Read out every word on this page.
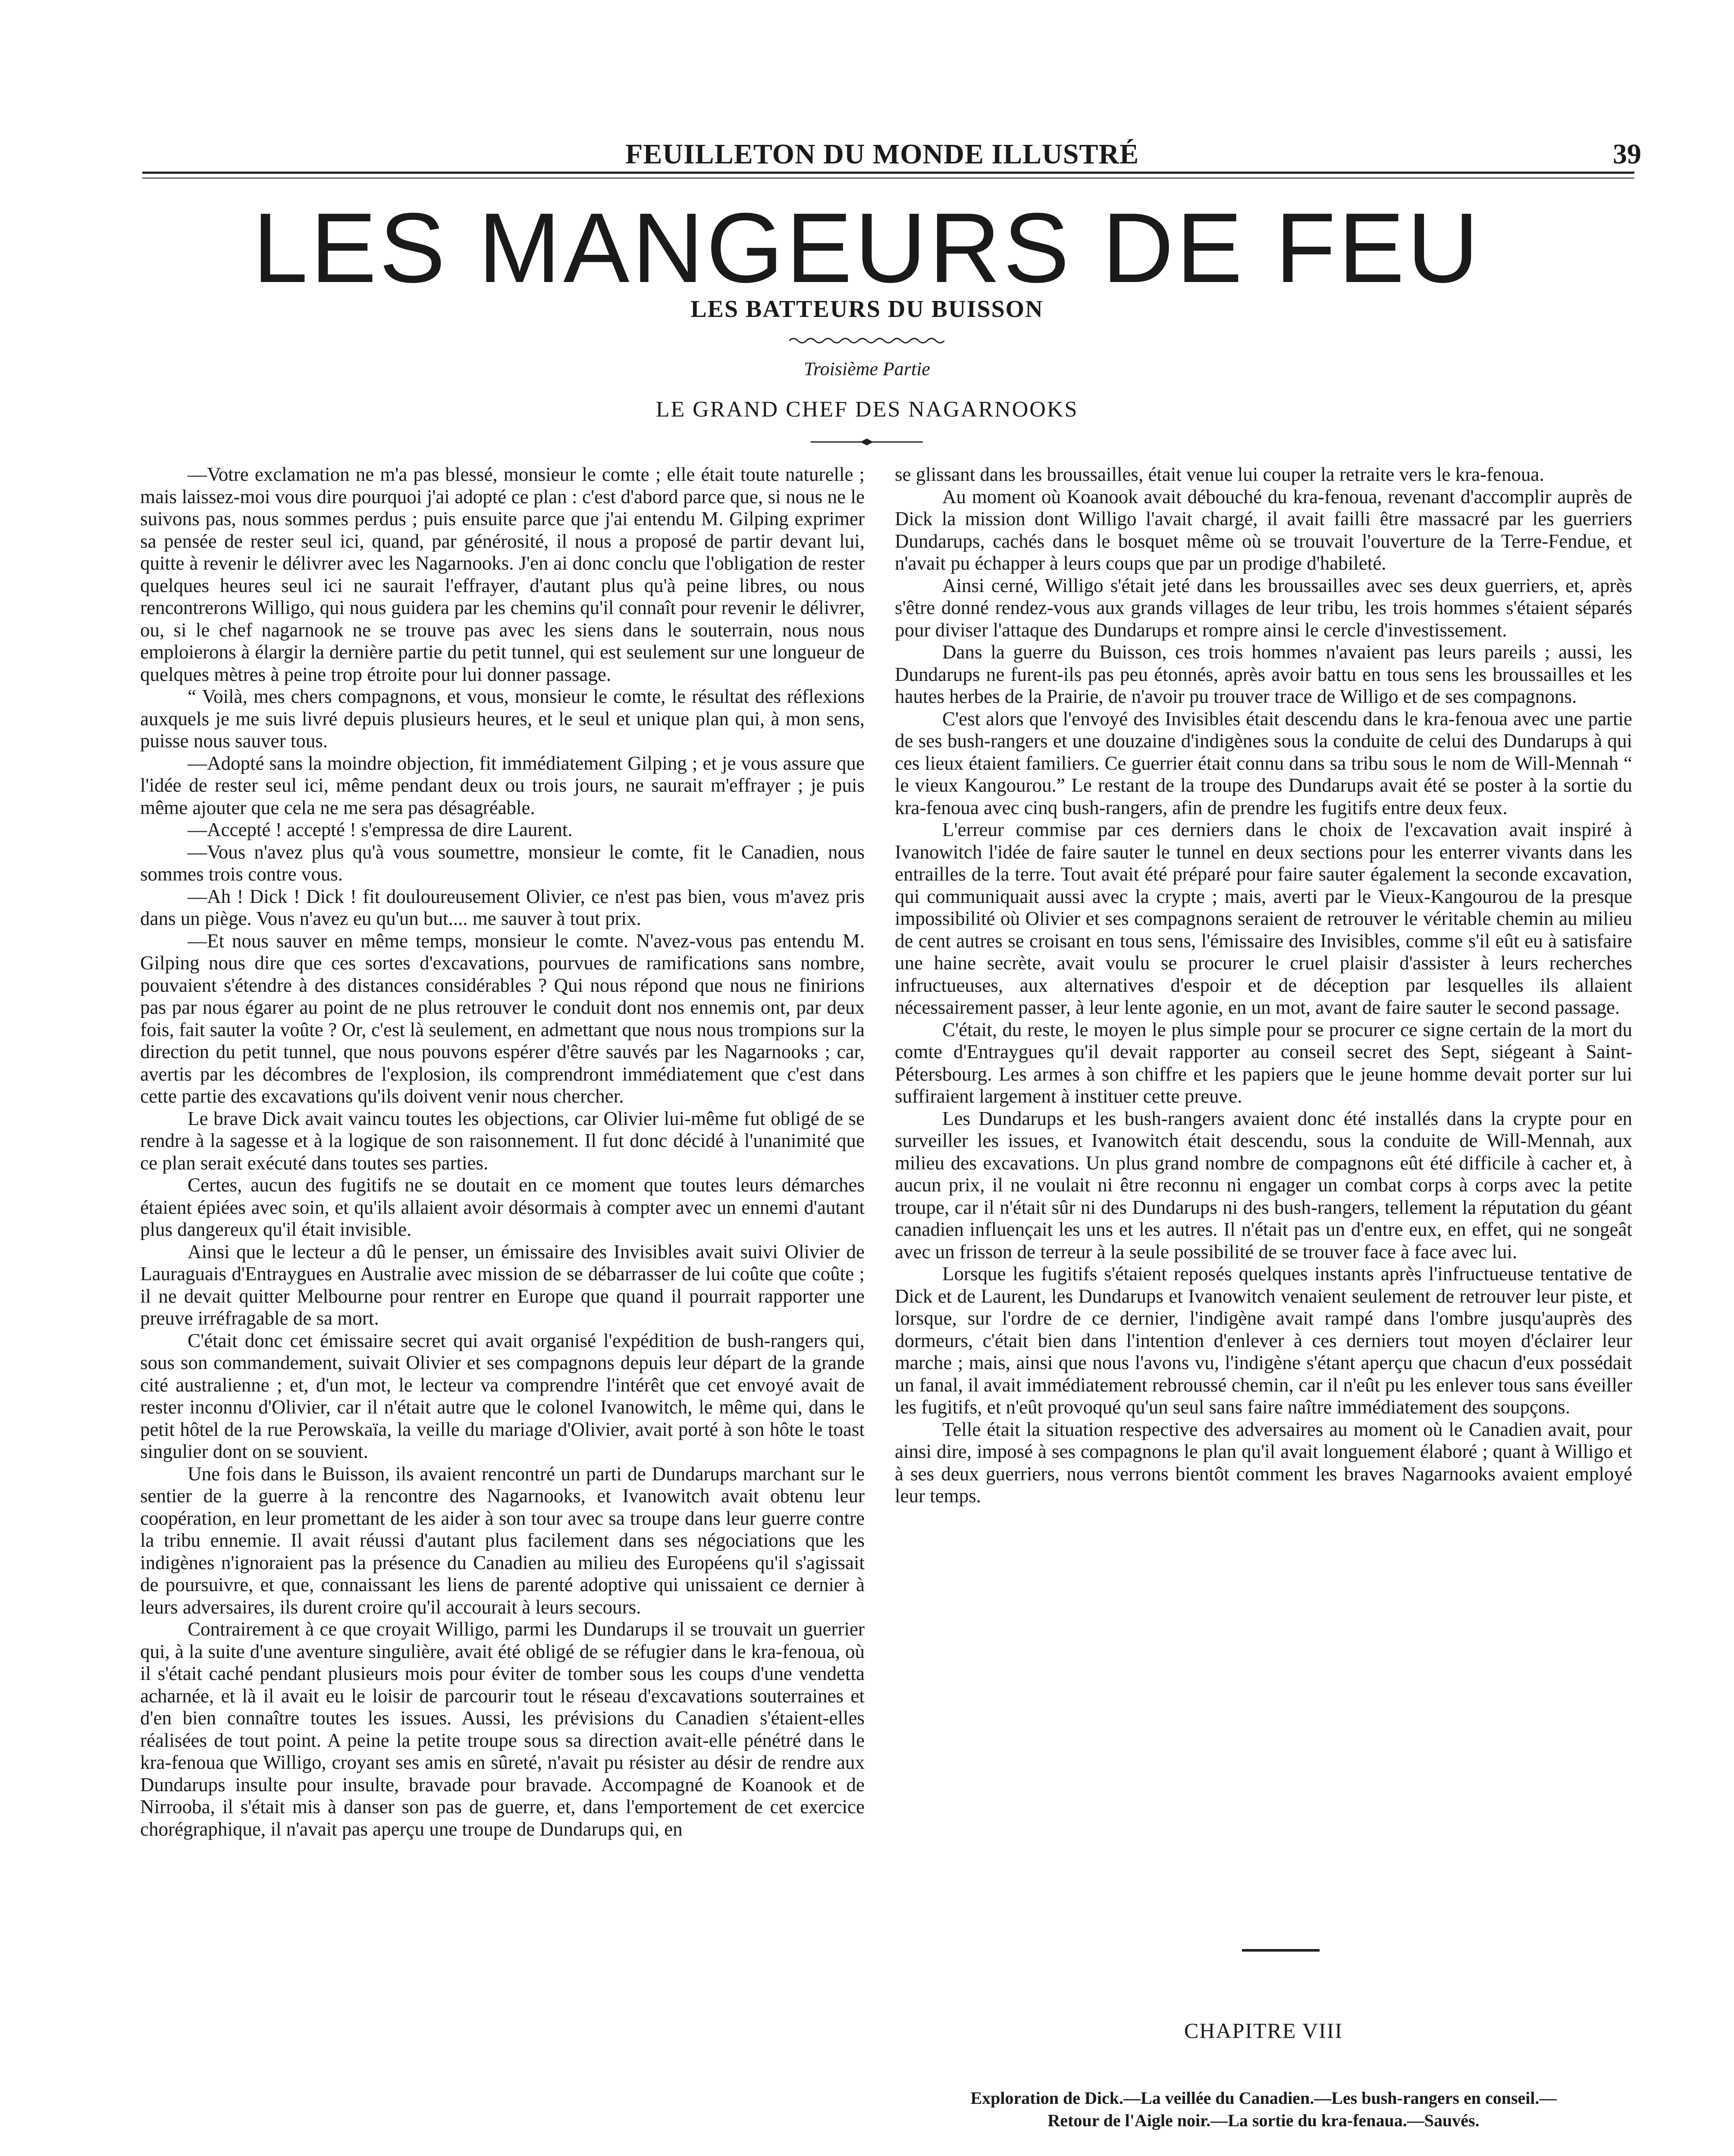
FEUILLETON DU MONDE ILLUSTRÉ	39
LES MANGEURS DE FEU
LES BATTEURS DU BUISSON
Troisième Partie
LE GRAND CHEF DES NAGARNOOKS

—Votre exclamation ne m'a pas blessé, monsieur le comte ; elle était toute naturelle ; mais laissez-moi vous dire pourquoi j'ai adopté ce plan : c'est d'abord parce que, si nous ne le suivons pas, nous sommes perdus ; puis ensuite parce que j'ai entendu M. Gilping exprimer sa pensée de rester seul ici, quand, par générosité, il nous a proposé de partir devant lui, quitte à revenir le délivrer avec les Nagarnooks. J'en ai donc conclu que l'obligation de rester quelques heures seul ici ne saurait l'effrayer, d'autant plus qu'à peine libres, ou nous rencontrerons Willigo, qui nous guidera par les chemins qu'il connaît pour revenir le délivrer, ou, si le chef nagarnook ne se trouve pas avec les siens dans le souterrain, nous nous emploierons à élargir la dernière partie du petit tunnel, qui est seulement sur une longueur de quelques mètres à peine trop étroite pour lui donner passage.

“ Voilà, mes chers compagnons, et vous, monsieur le comte, le résultat des réflexions auxquels je me suis livré depuis plusieurs heures, et le seul et unique plan qui, à mon sens, puisse nous sauver tous.

—Adopté sans la moindre objection, fit immédiatement Gilping ; et je vous assure que l'idée de rester seul ici, même pendant deux ou trois jours, ne saurait m'effrayer ; je puis même ajouter que cela ne me sera pas désagréable.

—Accepté ! accepté ! s'empressa de dire Laurent.

—Vous n'avez plus qu'à vous soumettre, monsieur le comte, fit le Canadien, nous sommes trois contre vous.

—Ah ! Dick ! Dick ! fit douloureusement Olivier, ce n'est pas bien, vous m'avez pris dans un piège. Vous n'avez eu qu'un but.... me sauver à tout prix.

—Et nous sauver en même temps, monsieur le comte. N'avez-vous pas entendu M. Gilping nous dire que ces sortes d'excavations, pourvues de ramifications sans nombre, pouvaient s'étendre à des distances considérables ? Qui nous répond que nous ne finirions pas par nous égarer au point de ne plus retrouver le conduit dont nos ennemis ont, par deux fois, fait sauter la voûte ? Or, c'est là seulement, en admettant que nous nous trompions sur la direction du petit tunnel, que nous pouvons espérer d'être sauvés par les Nagarnooks ; car, avertis par les décombres de l'explosion, ils comprendront immédiatement que c'est dans cette partie des excavations qu'ils doivent venir nous chercher.

Le brave Dick avait vaincu toutes les objections, car Olivier lui-même fut obligé de se rendre à la sagesse et à la logique de son raisonnement. Il fut donc décidé à l'unanimité que ce plan serait exécuté dans toutes ses parties.

Certes, aucun des fugitifs ne se doutait en ce moment que toutes leurs démarches étaient épiées avec soin, et qu'ils allaient avoir désormais à compter avec un ennemi d'autant plus dangereux qu'il était invisible.

Ainsi que le lecteur a dû le penser, un émissaire des Invisibles avait suivi Olivier de Lauraguais d'Entraygues en Australie avec mission de se débarrasser de lui coûte que coûte ; il ne devait quitter Melbourne pour rentrer en Europe que quand il pourrait rapporter une preuve irréfragable de sa mort.

C'était donc cet émissaire secret qui avait organisé l'expédition de bush-rangers qui, sous son commandement, suivait Olivier et ses compagnons depuis leur départ de la grande cité australienne ; et, d'un mot, le lecteur va comprendre l'intérêt que cet envoyé avait de rester inconnu d'Olivier, car il n'était autre que le colonel Ivanowitch, le même qui, dans le petit hôtel de la rue Perowskaïa, la veille du mariage d'Olivier, avait porté à son hôte le toast singulier dont on se souvient.

Une fois dans le Buisson, ils avaient rencontré un parti de Dundarups marchant sur le sentier de la guerre à la rencontre des Nagarnooks, et Ivanowitch avait obtenu leur coopération, en leur promettant de les aider à son tour avec sa troupe dans leur guerre contre la tribu ennemie. Il avait réussi d'autant plus facilement dans ses négociations que les indigènes n'ignoraient pas la présence du Canadien au milieu des Européens qu'il s'agissait de poursuivre, et que, connaissant les liens de parenté adoptive qui unissaient ce dernier à leurs adversaires, ils durent croire qu'il accourait à leurs secours.

Contrairement à ce que croyait Willigo, parmi les Dundarups il se trouvait un guerrier qui, à la suite d'une aventure singulière, avait été obligé de se réfugier dans le kra-fenoua, où il s'était caché pendant plusieurs mois pour éviter de tomber sous les coups d'une vendetta acharnée, et là il avait eu le loisir de parcourir tout le réseau d'excavations souterraines et d'en bien connaître toutes les issues. Aussi, les prévisions du Canadien s'étaient-elles réalisées de tout point. A peine la petite troupe sous sa direction avait-elle pénétré dans le kra-fenoua que Willigo, croyant ses amis en sûreté, n'avait pu résister au désir de rendre aux Dundarups insulte pour insulte, bravade pour bravade. Accompagné de Koanook et de Nirrooba, il s'était mis à danser son pas de guerre, et, dans l'emportement de cet exercice chorégraphique, il n'avait pas aperçu une troupe de Dundarups qui, en

se glissant dans les broussailles, était venue lui couper la retraite vers le kra-fenoua.

Au moment où Koanook avait débouché du kra-fenoua, revenant d'accomplir auprès de Dick la mission dont Willigo l'avait chargé, il avait failli être massacré par les guerriers Dundarups, cachés dans le bosquet même où se trouvait l'ouverture de la Terre-Fendue, et n'avait pu échapper à leurs coups que par un prodige d'habileté.

Ainsi cerné, Willigo s'était jeté dans les broussailles avec ses deux guerriers, et, après s'être donné rendez-vous aux grands villages de leur tribu, les trois hommes s'étaient séparés pour diviser l'attaque des Dundarups et rompre ainsi le cercle d'investissement.

Dans la guerre du Buisson, ces trois hommes n'avaient pas leurs pareils ; aussi, les Dundarups ne furent-ils pas peu étonnés, après avoir battu en tous sens les broussailles et les hautes herbes de la Prairie, de n'avoir pu trouver trace de Willigo et de ses compagnons.

C'est alors que l'envoyé des Invisibles était descendu dans le kra-fenoua avec une partie de ses bush-rangers et une douzaine d'indigènes sous la conduite de celui des Dundarups à qui ces lieux étaient familiers. Ce guerrier était connu dans sa tribu sous le nom de Will-Mennah “ le vieux Kangourou.” Le restant de la troupe des Dundarups avait été se poster à la sortie du kra-fenoua avec cinq bush-rangers, afin de prendre les fugitifs entre deux feux.

L'erreur commise par ces derniers dans le choix de l'excavation avait inspiré à Ivanowitch l'idée de faire sauter le tunnel en deux sections pour les enterrer vivants dans les entrailles de la terre. Tout avait été préparé pour faire sauter également la seconde excavation, qui communiquait aussi avec la crypte ; mais, averti par le Vieux-Kangourou de la presque impossibilité où Olivier et ses compagnons seraient de retrouver le véritable chemin au milieu de cent autres se croisant en tous sens, l'émissaire des Invisibles, comme s'il eût eu à satisfaire une haine secrète, avait voulu se procurer le cruel plaisir d'assister à leurs recherches infructueuses, aux alternatives d'espoir et de déception par lesquelles ils allaient nécessairement passer, à leur lente agonie, en un mot, avant de faire sauter le second passage.

C'était, du reste, le moyen le plus simple pour se procurer ce signe certain de la mort du comte d'Entraygues qu'il devait rapporter au conseil secret des Sept, siégeant à Saint-Pétersbourg. Les armes à son chiffre et les papiers que le jeune homme devait porter sur lui suffiraient largement à instituer cette preuve.

Les Dundarups et les bush-rangers avaient donc été installés dans la crypte pour en surveiller les issues, et Ivanowitch était descendu, sous la conduite de Will-Mennah, aux milieu des excavations. Un plus grand nombre de compagnons eût été difficile à cacher et, à aucun prix, il ne voulait ni être reconnu ni engager un combat corps à corps avec la petite troupe, car il n'était sûr ni des Dundarups ni des bush-rangers, tellement la réputation du géant canadien influençait les uns et les autres. Il n'était pas un d'entre eux, en effet, qui ne songeât avec un frisson de terreur à la seule possibilité de se trouver face à face avec lui.

Lorsque les fugitifs s'étaient reposés quelques instants après l'infructueuse tentative de Dick et de Laurent, les Dundarups et Ivanowitch venaient seulement de retrouver leur piste, et lorsque, sur l'ordre de ce dernier, l'indigène avait rampé dans l'ombre jusqu'auprès des dormeurs, c'était bien dans l'intention d'enlever à ces derniers tout moyen d'éclairer leur marche ; mais, ainsi que nous l'avons vu, l'indigène s'étant aperçu que chacun d'eux possédait un fanal, il avait immédiatement rebroussé chemin, car il n'eût pu les enlever tous sans éveiller les fugitifs, et n'eût provoqué qu'un seul sans faire naître immédiatement des soupçons.

Telle était la situation respective des adversaires au moment où le Canadien avait, pour ainsi dire, imposé à ses compagnons le plan qu'il avait longuement élaboré ; quant à Willigo et à ses deux guerriers, nous verrons bientôt comment les braves Nagarnooks avaient employé leur temps.

CHAPITRE VIII
Exploration de Dick.—La veillée du Canadien.—Les bush-rangers en conseil.—
Retour de l'Aigle noir.—La sortie du kra-fenaua.—Sauvés.
